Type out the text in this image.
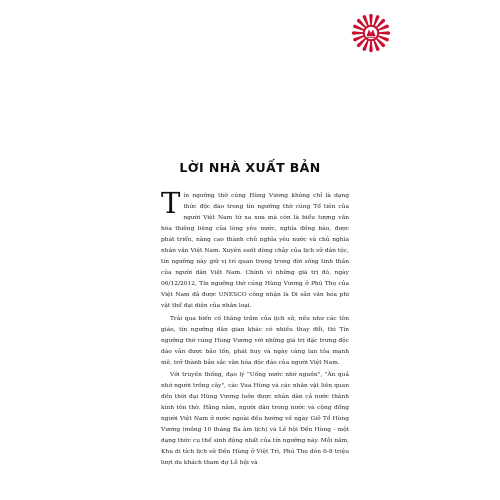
LỜI NHÀ XUẤT BẢN

Tín ngưỡng thờ cúng Hùng Vương không chỉ là dạng thức độc đáo trong tín ngưỡng thờ cúng Tổ tiên của người Việt Nam từ xa xưa mà còn là biểu tượng văn hóa thiêng liêng của lòng yêu nước, nghĩa đồng bào, được phát triển, nâng cao thành chủ nghĩa yêu nước và chủ nghĩa nhân văn Việt Nam. Xuyên suốt dòng chảy của lịch sử dân tộc, tín ngưỡng này giữ vị trí quan trọng trong đời sống tinh thần của người dân Việt Nam. Chính vì những giá trị đó, ngày 06/12/2012, Tín ngưỡng thờ cúng Hùng Vương ở Phú Thọ của Việt Nam đã được UNESCO công nhận là Di sản văn hóa phi vật thể đại diện của nhân loại.

Trải qua biến cố thăng trầm của lịch sử, nếu như các tôn giáo, tín ngưỡng dân gian khác có nhiều thay đổi, thì Tín ngưỡng thờ cúng Hùng Vương với những giá trị đặc trưng độc đáo vẫn được bảo tồn, phát huy và ngày càng lan tỏa mạnh mẽ, trở thành bản sắc văn hóa độc đáo của người Việt Nam.

Với truyền thống, đạo lý "Uống nước nhớ nguồn", "Ăn quả nhớ người trồng cây", các Vua Hùng và các nhân vật liên quan đến thời đại Hùng Vương luôn được nhân dân cả nước thành kính tôn thờ. Hằng năm, người dân trong nước và cộng đồng người Việt Nam ở nước ngoài đều hướng về ngày Giỗ Tổ Hùng Vương (mồng 10 tháng Ba âm lịch) và Lễ hội Đền Hùng - một dạng thức cụ thể sinh động nhất của tín ngưỡng này. Mỗi năm, Khu di tích lịch sử Đền Hùng ở Việt Trì, Phú Thọ đón 6-8 triệu lượt du khách tham dự Lễ hội và
